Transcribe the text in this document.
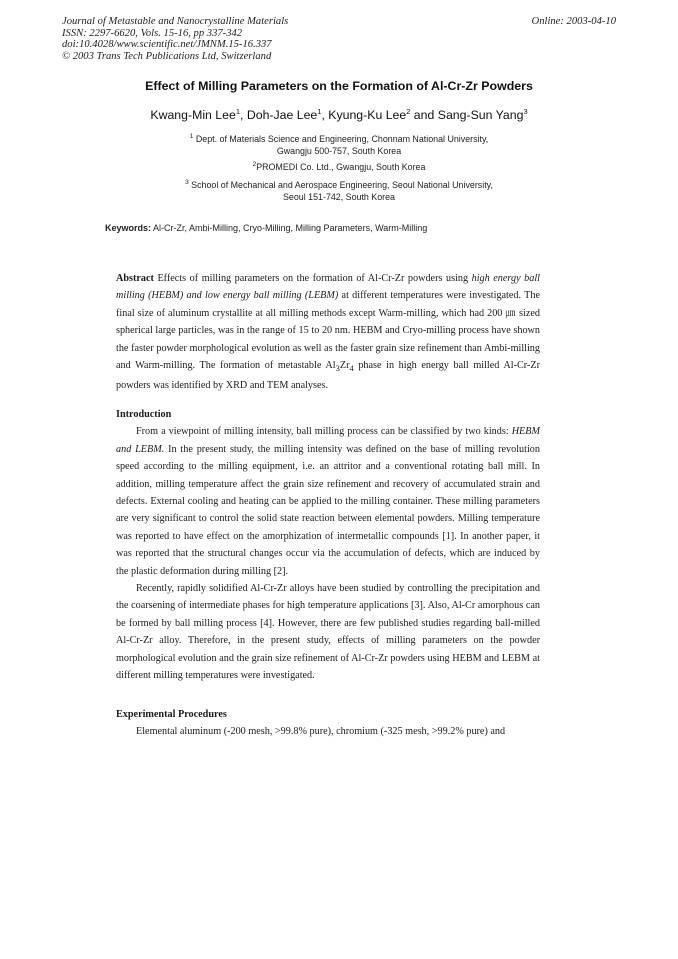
Journal of Metastable and Nanocrystalline Materials
ISSN: 2297-6620, Vols. 15-16, pp 337-342
doi:10.4028/www.scientific.net/JMNM.15-16.337
© 2003 Trans Tech Publications Ltd, Switzerland
Online: 2003-04-10
Effect of Milling Parameters on the Formation of Al-Cr-Zr Powders
Kwang-Min Lee$^1$, Doh-Jae Lee$^1$, Kyung-Ku Lee$^2$ and Sang-Sun Yang$^3$
$^1$ Dept. of Materials Science and Engineering, Chonnam National University,
Gwangju 500-757, South Korea
$^2$PROMEDI Co. Ltd., Gwangju, South Korea
$^3$ School of Mechanical and Aerospace Engineering, Seoul National University,
Seoul 151-742, South Korea
Keywords: Al-Cr-Zr, Ambi-Milling, Cryo-Milling, Milling Parameters, Warm-Milling

Abstract Effects of milling parameters on the formation of Al-Cr-Zr powders using high energy ball milling (HEBM) and low energy ball milling (LEBM) at different temperatures were investigated. The final size of aluminum crystallite at all milling methods except Warm-milling, which had 200 ㎛ sized spherical large particles, was in the range of 15 to 20 nm. HEBM and Cryo-milling process have shown the faster powder morphological evolution as well as the faster grain size refinement than Ambi-milling and Warm-milling. The formation of metastable $Al_3Zr_4$ phase in high energy ball milled Al-Cr-Zr powders was identified by XRD and TEM analyses.

Introduction

From a viewpoint of milling intensity, ball milling process can be classified by two kinds: HEBM and LEBM. In the present study, the milling intensity was defined on the base of milling revolution speed according to the milling equipment, i.e. an attritor and a conventional rotating ball mill. In addition, milling temperature affect the grain size refinement and recovery of accumulated strain and defects. External cooling and heating can be applied to the milling container. These milling parameters are very significant to control the solid state reaction between elemental powders. Milling temperature was reported to have effect on the amorphization of intermetallic compounds [1]. In another paper, it was reported that the structural changes occur via the accumulation of defects, which are induced by the plastic deformation during milling [2].

Recently, rapidly solidified Al-Cr-Zr alloys have been studied by controlling the precipitation and the coarsening of intermediate phases for high temperature applications [3]. Also, Al-Cr amorphous can be formed by ball milling process [4]. However, there are few published studies regarding ball-milled Al-Cr-Zr alloy. Therefore, in the present study, effects of milling parameters on the powder morphological evolution and the grain size refinement of Al-Cr-Zr powders using HEBM and LEBM at different milling temperatures were investigated.

Experimental Procedures

Elemental aluminum (-200 mesh, >99.8% pure), chromium (-325 mesh, >99.2% pure) and
